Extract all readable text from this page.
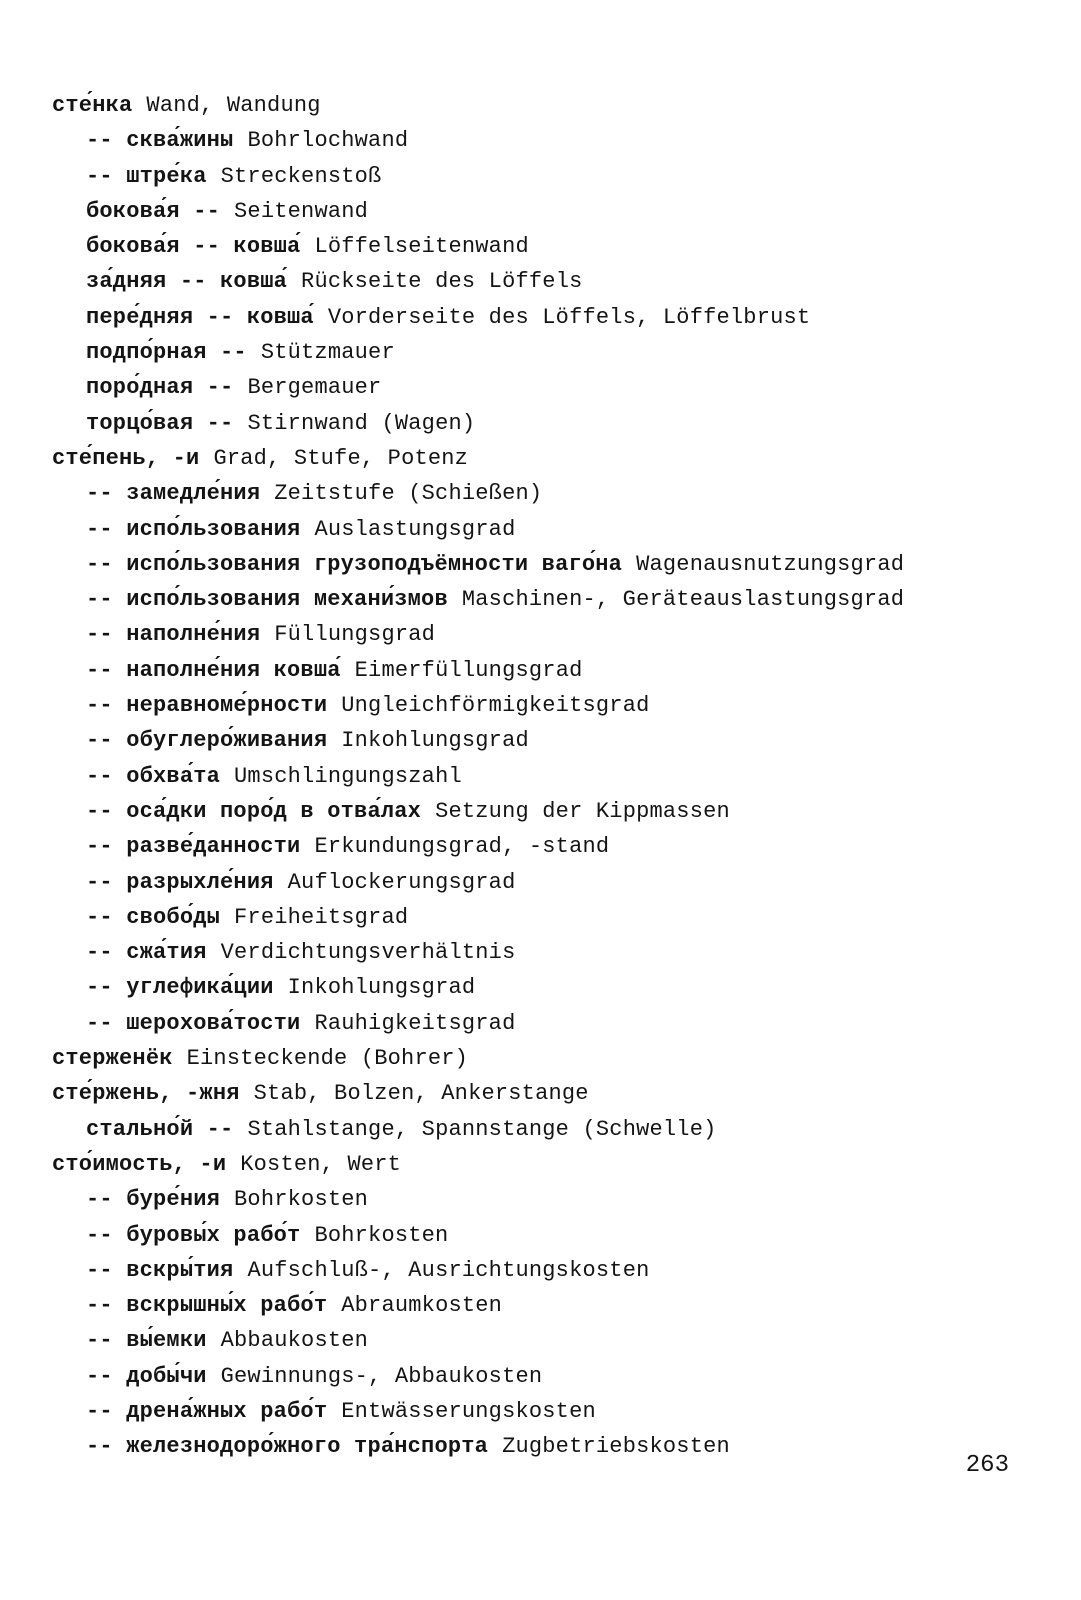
сте́нка Wand, Wandung
-- сква́жины Bohrlochwand
-- штре́ка Streckenstoß
бокова́я -- Seitenwand
бокова́я -- ковша́ Löffelseitenwand
за́дняя -- ковша́ Rückseite des Löffels
пере́дняя -- ковша́ Vorderseite des Löffels, Löffelbrust
подпо́рная -- Stützmauer
поро́дная -- Bergemauer
торцо́вая -- Stirnwand (Wagen)
сте́пень, -и Grad, Stufe, Potenz
-- замедле́ния Zeitstufe (Schießen)
-- испо́льзования Auslastungsgrad
-- испо́льзования грузоподъёмности ваго́на Wagenausnutzungsgrad
-- испо́льзования механи́змов Maschinen-, Geräteauslastungsgrad
-- наполне́ния Füllungsgrad
-- наполне́ния ковша́ Eimerfüllungsgrad
-- неравноме́рности Ungleichförmigkeitsgrad
-- обуглеро́живания Inkohlungsgrad
-- обхва́та Umschlingungszahl
-- оса́дки поро́д в отва́лах Setzung der Kippmassen
-- разве́данности Erkundungsgrad, -stand
-- разрыхле́ния Auflockerungsgrad
-- свобо́ды Freiheitsgrad
-- сжа́тия Verdichtungsverhältnis
-- углефика́ции Inkohlungsgrad
-- шерохова́тости Rauhigkeitsgrad
стерженёк Einsteckende (Bohrer)
сте́ржень, -жня Stab, Bolzen, Ankerstange
стально́й -- Stahlstange, Spannstange (Schwelle)
сто́имость, -и Kosten, Wert
-- буре́ния Bohrkosten
-- буровы́х рабо́т Bohrkosten
-- вскры́тия Aufschluß-, Ausrichtungskosten
-- вскрышны́х рабо́т Abraumkosten
-- вы́емки Abbaukosten
-- добы́чи Gewinnungs-, Abbaukosten
-- дрена́жных рабо́т Entwässerungskosten
-- железнодоро́жного тра́нспорта Zugbetriebskosten
263
